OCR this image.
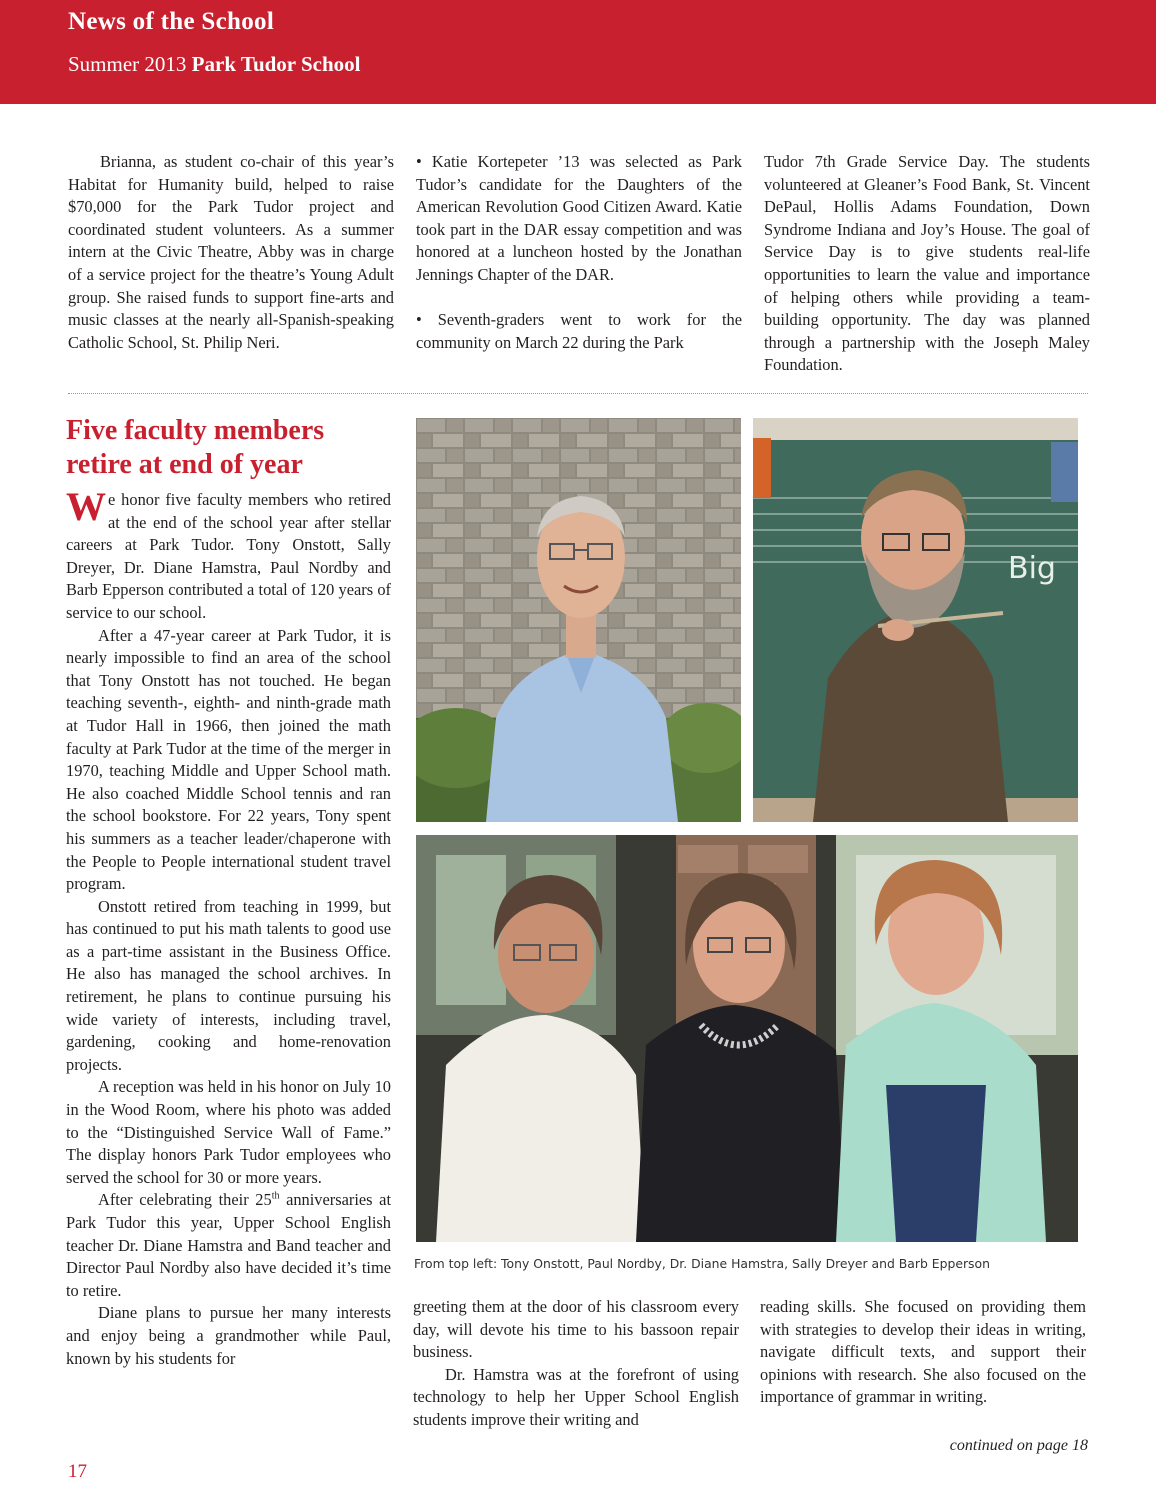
News of the School
Summer 2013 Park Tudor School

Brianna, as student co-chair of this year’s Habitat for Humanity build, helped to raise $70,000 for the Park Tudor project and coordinated student volunteers. As a summer intern at the Civic Theatre, Abby was in charge of a service project for the theatre’s Young Adult group. She raised funds to support fine-arts and music classes at the nearly all-Spanish-speaking Catholic School, St. Philip Neri.

• Katie Kortepeter ’13 was selected as Park Tudor’s candidate for the Daughters of the American Revolution Good Citizen Award. Katie took part in the DAR essay competition and was honored at a luncheon hosted by the Jonathan Jennings Chapter of the DAR.

• Seventh-graders went to work for the community on March 22 during the Park

Tudor 7th Grade Service Day. The students volunteered at Gleaner’s Food Bank, St. Vincent DePaul, Hollis Adams Foundation, Down Syndrome Indiana and Joy’s House. The goal of Service Day is to give students real-life opportunities to learn the value and importance of helping others while providing a team-building opportunity. The day was planned through a partnership with the Joseph Maley Foundation.

Five faculty members retire at end of year

We honor five faculty members who retired at the end of the school year after stellar careers at Park Tudor. Tony Onstott, Sally Dreyer, Dr. Diane Hamstra, Paul Nordby and Barb Epperson contributed a total of 120 years of service to our school.

After a 47-year career at Park Tudor, it is nearly impossible to find an area of the school that Tony Onstott has not touched. He began teaching seventh-, eighth- and ninth-grade math at Tudor Hall in 1966, then joined the math faculty at Park Tudor at the time of the merger in 1970, teaching Middle and Upper School math. He also coached Middle School tennis and ran the school bookstore. For 22 years, Tony spent his summers as a teacher leader/chaperone with the People to People international student travel program.

Onstott retired from teaching in 1999, but has continued to put his math talents to good use as a part-time assistant in the Business Office. He also has managed the school archives. In retirement, he plans to continue pursuing his wide variety of interests, including travel, gardening, cooking and home-renovation projects.

A reception was held in his honor on July 10 in the Wood Room, where his photo was added to the “Distinguished Service Wall of Fame.” The display honors Park Tudor employees who served the school for 30 or more years.

After celebrating their 25th anniversaries at Park Tudor this year, Upper School English teacher Dr. Diane Hamstra and Band teacher and Director Paul Nordby also have decided it’s time to retire.

Diane plans to pursue her many interests and enjoy being a grandmother while Paul, known by his students for

greeting them at the door of his classroom every day, will devote his time to his bassoon repair business.

Dr. Hamstra was at the forefront of using technology to help her Upper School English students improve their writing and

reading skills. She focused on providing them with strategies to develop their ideas in writing, navigate difficult texts, and support their opinions with research. She also focused on the importance of grammar in writing.

Big
From top left: Tony Onstott, Paul Nordby, Dr. Diane Hamstra, Sally Dreyer and Barb Epperson
continued on page 18
17
